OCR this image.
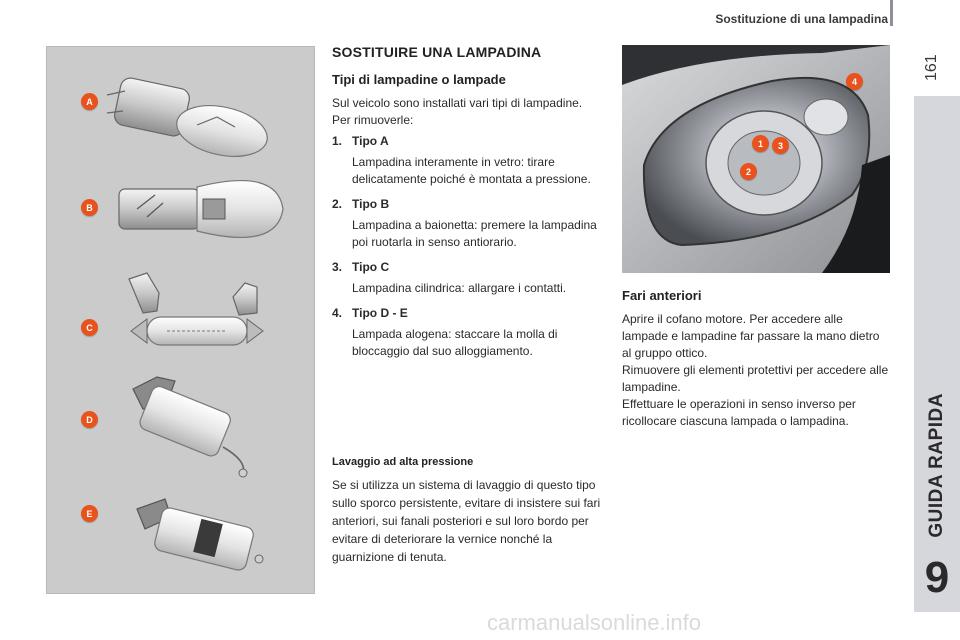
Sostituzione di una lampadina
161
GUIDA RAPIDA
9
A
B
C
D
E
SOSTITUIRE UNA LAMPADINA
Tipi di lampadine o lampade

Sul veicolo sono installati vari tipi di lampadine.

Per rimuoverle:

1. Tipo A
Lampadina interamente in vetro: tirare delicatamente poiché è montata a pressione.
2. Tipo B
Lampadina a baionetta: premere la lampadina poi ruotarla in senso antiorario.
3. Tipo C
Lampadina cilindrica: allargare i contatti.
4. Tipo D - E
Lampada alogena: staccare la molla di bloccaggio dal suo alloggiamento.
Lavaggio ad alta pressione

Se si utilizza un sistema di lavaggio di questo tipo sullo sporco persistente, evitare di insistere sui fari anteriori, sui fanali posteriori e sul loro bordo per evitare di deteriorare la vernice nonché la guarnizione di tenuta.

4
1	3
2
Fari anteriori

Aprire il cofano motore. Per accedere alle lampade e lampadine far passare la mano dietro al gruppo ottico.

Rimuovere gli elementi protettivi per accedere alle lampadine.

Effettuare le operazioni in senso inverso per ricollocare ciascuna lampada o lampadina.

carmanualsonline.info
